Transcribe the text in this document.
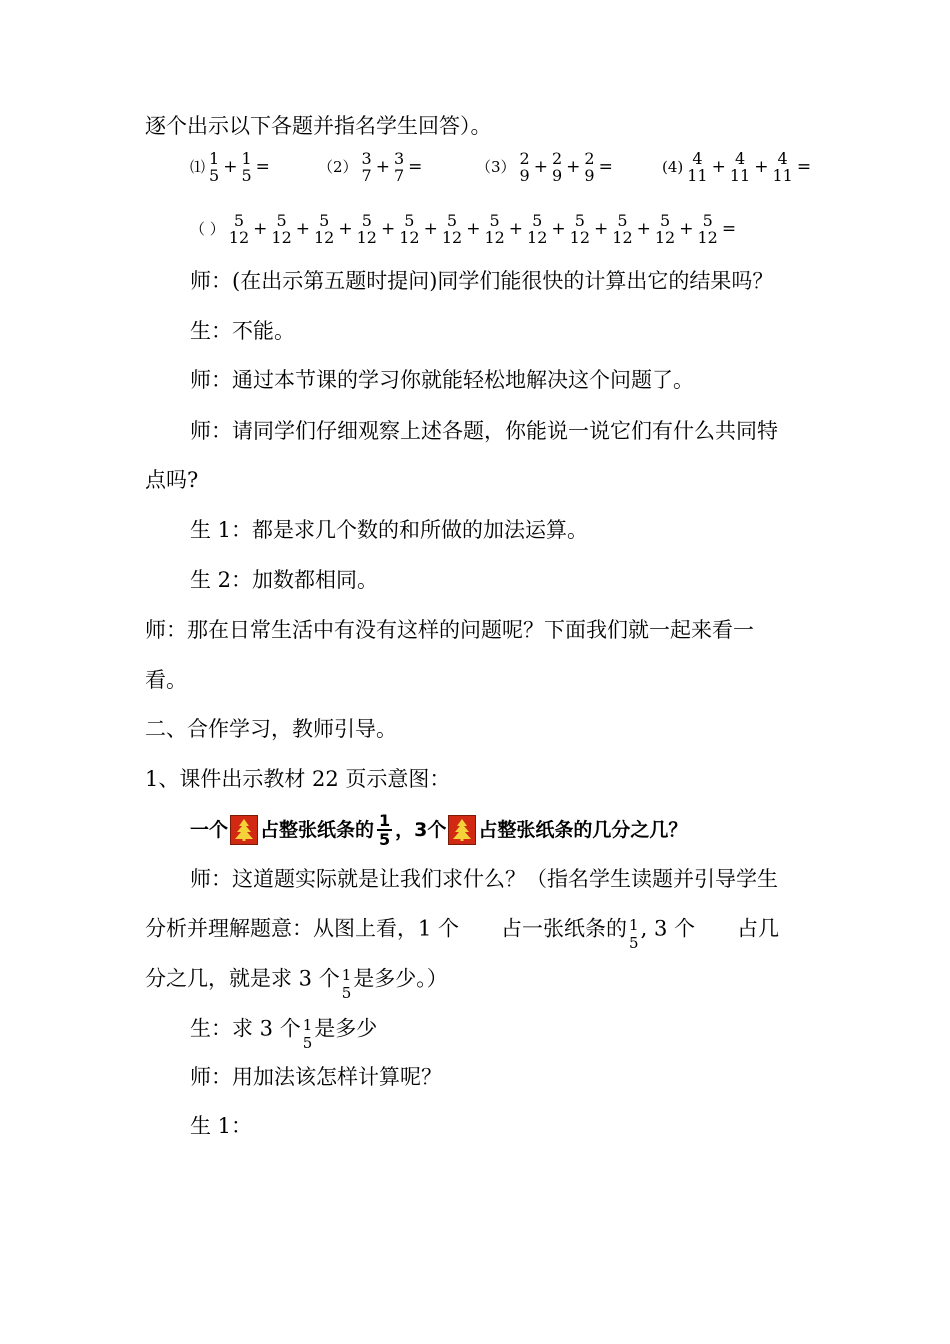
逐个出示以下各题并指名学生回答）。
⑴ 1
5 + 1
5 =	（2） 3
7 + 3
7 =	（3） 2
9 + 2
9 + 2
9 =	(4) 4
11 + 4
11 + 4
11 =
（ ） 5
12 + 5
12 + 5
12 + 5
12 + 5
12 + 5
12 + 5
12 + 5
12 + 5
12 + 5
12 + 5
12 + 5
12 =
师：(在出示第五题时提问)同学们能很快的计算出它的结果吗？
生：不能。
师：通过本节课的学习你就能轻松地解决这个问题了。
师：请同学们仔细观察上述各题，你能说一说它们有什么共同特
点吗?
生 1：都是求几个数的和所做的加法运算。
生 2：加数都相同。
师：那在日常生活中有没有这样的问题呢？下面我们就一起来看一
看。
二、合作学习，教师引导。
1、课件出示教材 22 页示意图：
一个 占整张纸条的 1
5 ，3个 占整张纸条的几分之几？
师：这道题实际就是让我们求什么？（指名学生读题并引导学生
分析并理解题意：从图上看，1 个 占一张纸条的 1
5
, 3 个 占几
分之几，就是求 3 个 1
5
是多少。）
生：求 3 个 1
5
是多少
师：用加法该怎样计算呢？
生 1：
